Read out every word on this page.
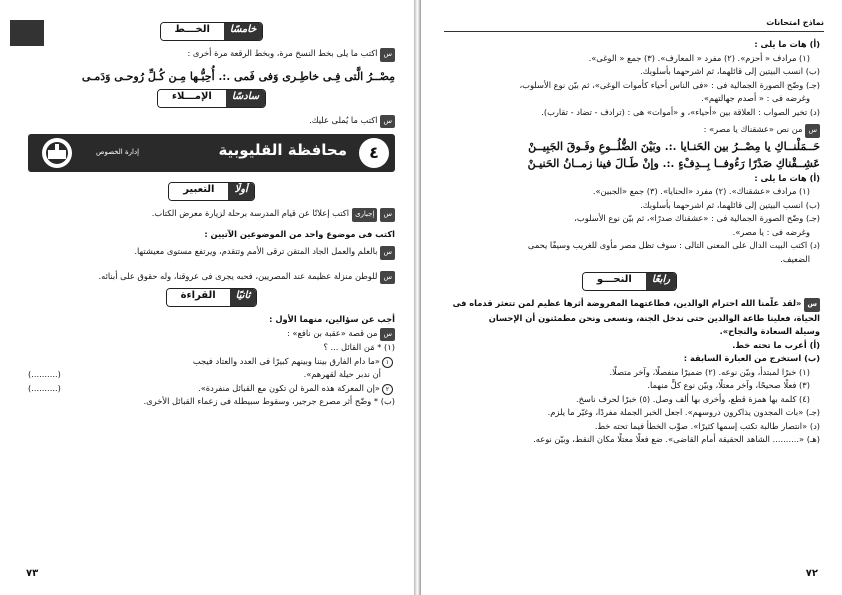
خامسًا
الخـــط
ساكتب ما يلى بخط النسخ مرة، وبخط الرقعة مرة أخرى :
مِصْــرُ الَّتى فِـى خاطِـرى وَفى فَمى .:. أُحِبُّـها مِـن كُـلِّ رُوحـى وَدَمـى
سادسًا
الإمـــلاء
ساكتب ما يُملى عليك.
٤
محافظة القليوبية
إدارة الخصوص
أولًا
التعبير
سإجبارىاكتب إعلانًا عن قيام المدرسة برحلة لزيارة معرض الكتاب.
اكتب فى موضوع واحد من الموضوعين الآتيين :
سبالعلم والعمل الجاد المتقن ترقى الأمم وتتقدم، ويرتفع مستوى معيشتها.
سللوطن منزلة عظيمة عند المصريين، فحبه يجرى فى عروقنا، وله حقوق على أبنائه.
ثانيًا
القراءة
أجب عن سؤالين، منهما الأول :
سمن قصة «عقبة بن نافع» :
(١) * مَن القائل ... ؟
١«ما دام الفارق بيننا وبينهم كبيرًا فى العدد والعتاد فيجب
أن ندبر حيلة لقهرهم».
(..........)
٢«إن المعركة هذه المرة لن تكون مع القبائل منفردة».
(..........)
(ب) * وضّح أثر مصرع جرجير، وسقوط سبيطلة فى زعماء القبائل الأخرى.
٧٣
نماذج امتحانات
(أ) هات ما يلى :
(١) مرادف « أحزم». (٢) مفرد « المعارف». (٣) جمع « الوغى».
(ب) انسب البيتين إلى قائلهما، ثم اشرحهما بأسلوبك.
(جـ) وضّح الصورة الجمالية فى : «فى الناس أحياء كأموات الوغى»، ثم بيّن نوع الأسلوب،
وغرضه فى : « أصدم جهالتهم».
(د) تخير الصواب : العلاقة بين «أحياء»، و «أموات» هى : (ترادف - تضاد - تقارب).
سمن نص «عشقناك يا مصر» :
حَــمَلْنــاكِ يا مِصْــرُ بين الحَنـايا .:. وبَيْنَ الضُّلُــوعِ وفَـوقَ الجَبِيــنْ
عَشِــقْناكِ صَدْرًا رَءُوفــا بِــدِفْءٍ .:. وإنْ طَـالَ فينا زمــانُ الحَنيـنْ
(أ) هات ما يلى :
(١) مرادف «عشقناك». (٢) مفرد «الحنايا». (٣) جمع «الجبين».
(ب) انسب البيتين إلى قائلهما، ثم اشرحهما بأسلوبك.
(جـ) وضّح الصورة الجمالية فى : «عشقناك صدرًا»، ثم بيّن نوع الأسلوب،
وغرضه فى : يا مصر».
(د) اكتب البيت الدال على المعنى التالى : سوف تظل مصر مأوى للغريب وسيفًا يحمى
الضعيف.
رابعًا
النحـــو
س«لقد علّمنا الله احترام الوالدين، فطاعتهما المفروضة أثرها عظيم لمن تتعثر قدماه فى
الحياة، فعلينا طاعة الوالدين حتى ندخل الجنة، ونسعى ونحن مطمئنون أن الإحسان
وسيلة السعادة والنجاح».
(أ) أعرب ما تحته خط.
(ب) استخرج من العبارة السابقة :
(١) خبرًا لمبتدأ، وبيّن نوعه. (٢) ضميرًا منفصلًا، وآخر متصلًا.
(٣) فعلًا صحيحًا، وآخر معتلًا، وبيّن نوع كلٍّ منهما.
(٤) كلمة بها همزة قطع، وأخرى بها ألف وصل. (٥) خبرًا لحرف ناسخ.
(جـ) «بات المجدون يذاكرون دروسهم». اجعل الخبر الجملة مفردًا، وغيّر ما يلزم.
(د) «انتصار طالبة تكتب إسمها كثيرًا». صوِّب الخطأ فيما تحته خط.
(هـ) «.......... الشاهد الحقيقة أمام القاضى». ضع فعلًا معتلًا مكان النقط، وبيّن نوعه.
٧٢
